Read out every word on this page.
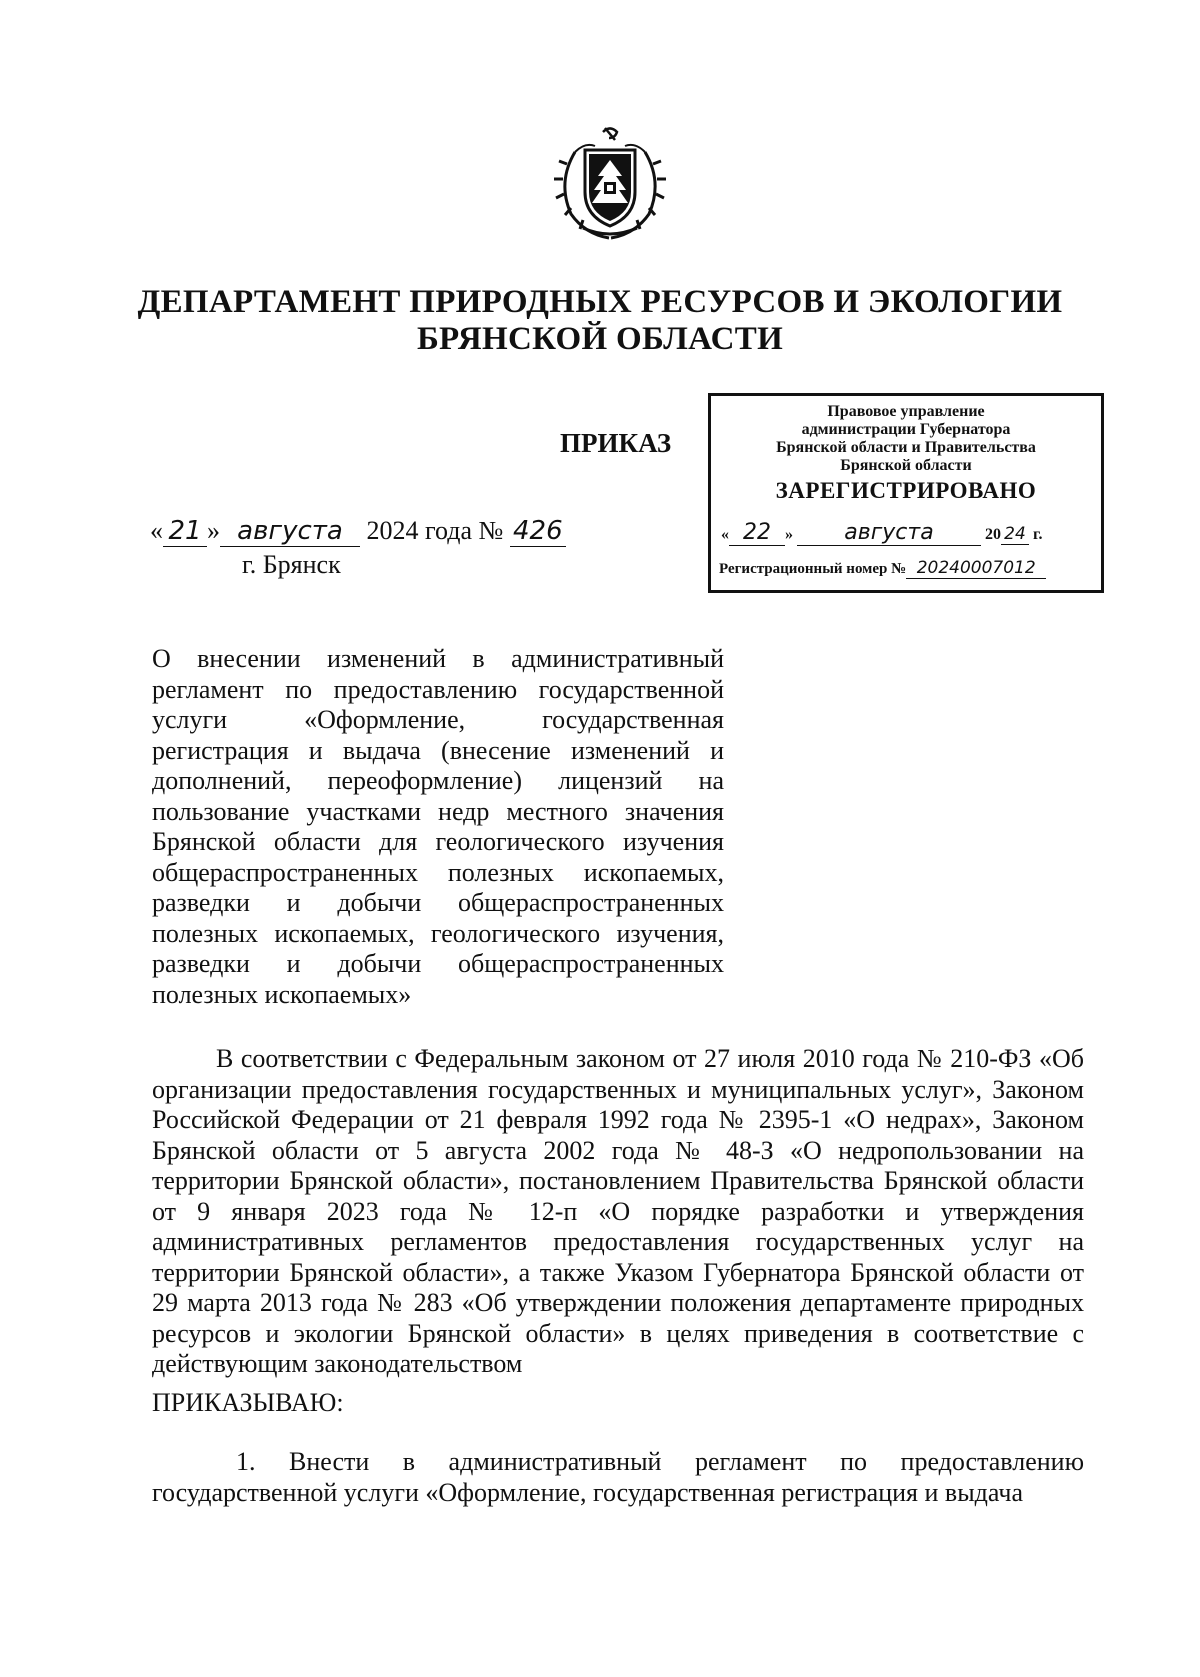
ДЕПАРТАМЕНТ ПРИРОДНЫХ РЕСУРСОВ И ЭКОЛОГИИ
БРЯНСКОЙ ОБЛАСТИ
ПРИКАЗ
Правовое управление
администрации Губернатора
Брянской области и Правительства
Брянской области
ЗАРЕГИСТРИРОВАНО
« 22 » августа	20 24 г.
Регистрационный номер № 20240007012
« 21 » августа 2024 года № 426
г. Брянск
О внесении изменений в административный регламент по предоставлению государственной услуги «Оформление, государственная регистрация и выдача (внесение изменений и дополнений, переоформление) лицензий на пользование участками недр местного значения Брянской области для геологического изучения общераспространенных полезных ископаемых, разведки и добычи общераспространенных полезных ископаемых, геологического изучения, разведки и добычи общераспространенных полезных ископаемых»
В соответствии с Федеральным законом от 27 июля 2010 года № 210-ФЗ «Об организации предоставления государственных и муниципальных услуг», Законом Российской Федерации от 21 февраля 1992 года № 2395-1 «О недрах», Законом Брянской области от 5 августа 2002 года № 48-З «О недропользовании на территории Брянской области», постановлением Правительства Брянской области от 9 января 2023 года № 12-п «О порядке разработки и утверждения административных регламентов предоставления государственных услуг на территории Брянской области», а также Указом Губернатора Брянской области от 29 марта 2013 года № 283 «Об утверждении положения департаменте природных ресурсов и экологии Брянской области» в целях приведения в соответствие с действующим законодательством
ПРИКАЗЫВАЮ:
1. Внести в административный регламент по предоставлению государственной услуги «Оформление, государственная регистрация и выдача
